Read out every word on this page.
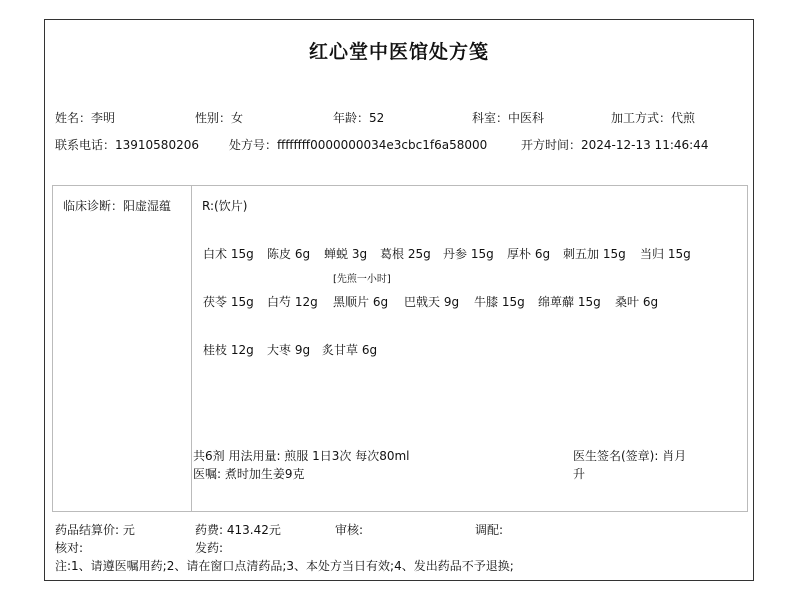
红心堂中医馆处方笺
姓名：李明	性别：女	年龄：52	科室：中医科	加工方式：代煎
联系电话：13910580206	处方号：ffffffff0000000034e3cbc1f6a58000	开方时间：2024-12-13 11:46:44
临床诊断：阳虚湿蕴	R:(饮片)
白术 15g 陈皮 6g 蝉蜕 3g 葛根 25g 丹参 15g 厚朴 6g 刺五加 15g 当归 15g
茯苓 15g 白芍 12g
[先煎一小时]
黑顺片 6g 巴戟天 9g 牛膝 15g 绵萆薢 15g 桑叶 6g
桂枝 12g 大枣 9g 炙甘草 6g
共6剂 用法用量: 煎服 1日3次 每次80ml
医嘱: 煮时加生姜9克
医生签名(签章): 肖月升
药品结算价: 元	药费: 413.42元	审核:	调配:
核对:	发药:
注:1、请遵医嘱用药;2、请在窗口点清药品;3、本处方当日有效;4、发出药品不予退换;
